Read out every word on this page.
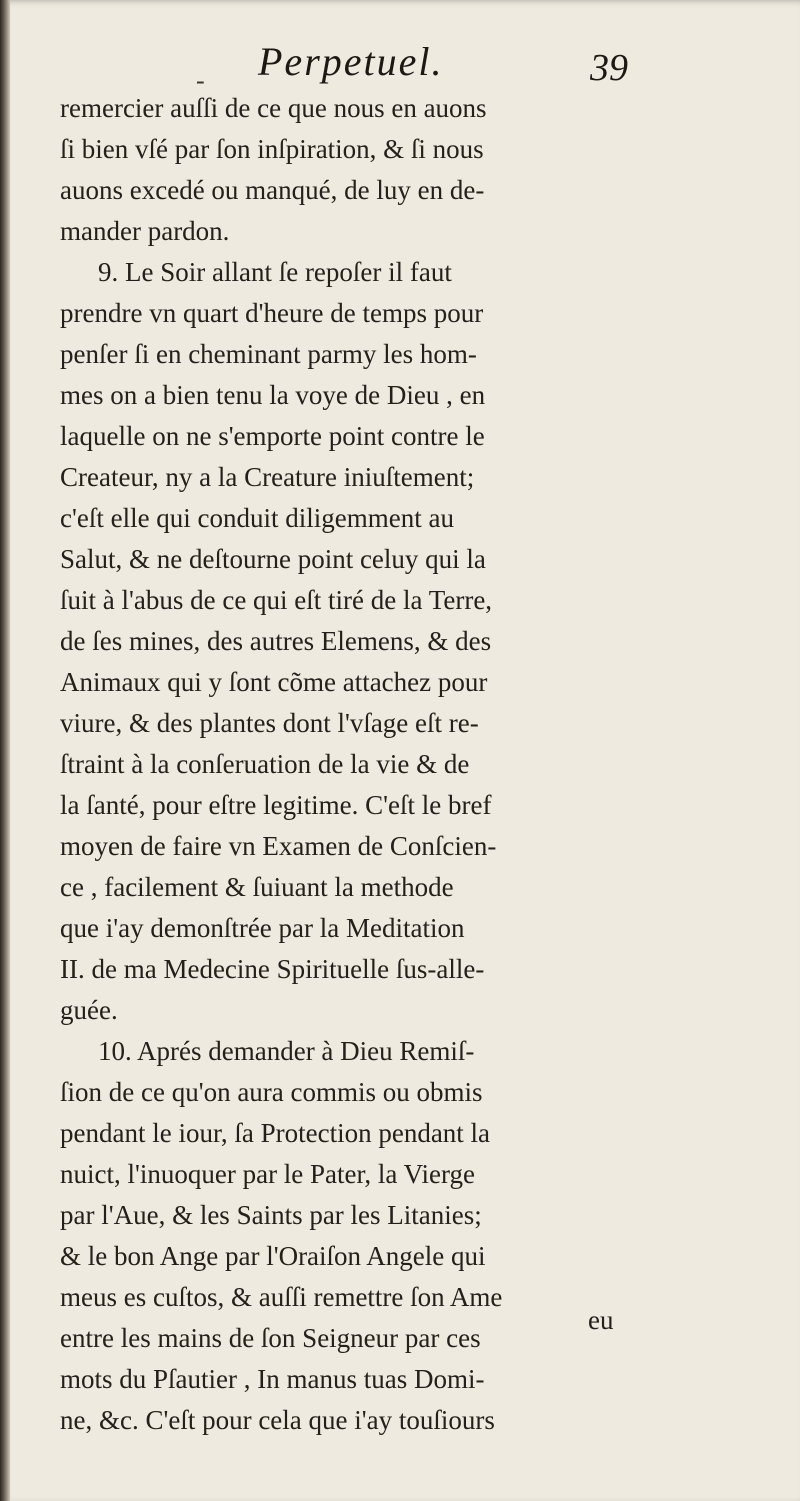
- Perpetuel.	39
remercier auſſi de ce que nous en auons
ſi bien vſé par ſon inſpiration, & ſi nous
auons excedé ou manqué, de luy en de-
mander pardon.
9. Le Soir allant ſe repoſer il faut
prendre vn quart d'heure de temps pour
penſer ſi en cheminant parmy les hom-
mes on a bien tenu la voye de Dieu , en
laquelle on ne s'emporte point contre le
Createur, ny a la Creature iniuſtement;
c'eſt elle qui conduit diligemment au
Salut, & ne deſtourne point celuy qui la
ſuit à l'abus de ce qui eſt tiré de la Terre,
de ſes mines, des autres Elemens, & des
Animaux qui y ſont cõme attachez pour
viure, & des plantes dont l'vſage eſt re-
ſtraint à la conſeruation de la vie & de
la ſanté, pour eſtre legitime. C'eſt le bref
moyen de faire vn Examen de Conſcien-
ce , facilement & ſuiuant la methode
que i'ay demonſtrée par la Meditation
II. de ma Medecine Spirituelle ſus-alle-
guée.
10. Aprés demander à Dieu Remiſ-
ſion de ce qu'on aura commis ou obmis
pendant le iour, ſa Protection pendant la
nuict, l'inuoquer par le Pater, la Vierge
par l'Aue, & les Saints par les Litanies;
& le bon Ange par l'Oraiſon Angele qui
meus es cuſtos, & auſſi remettre ſon Ame
entre les mains de ſon Seigneur par ces
mots du Pſautier , In manus tuas Domi-
ne, &c. C'eſt pour cela que i'ay touſiours
eu
